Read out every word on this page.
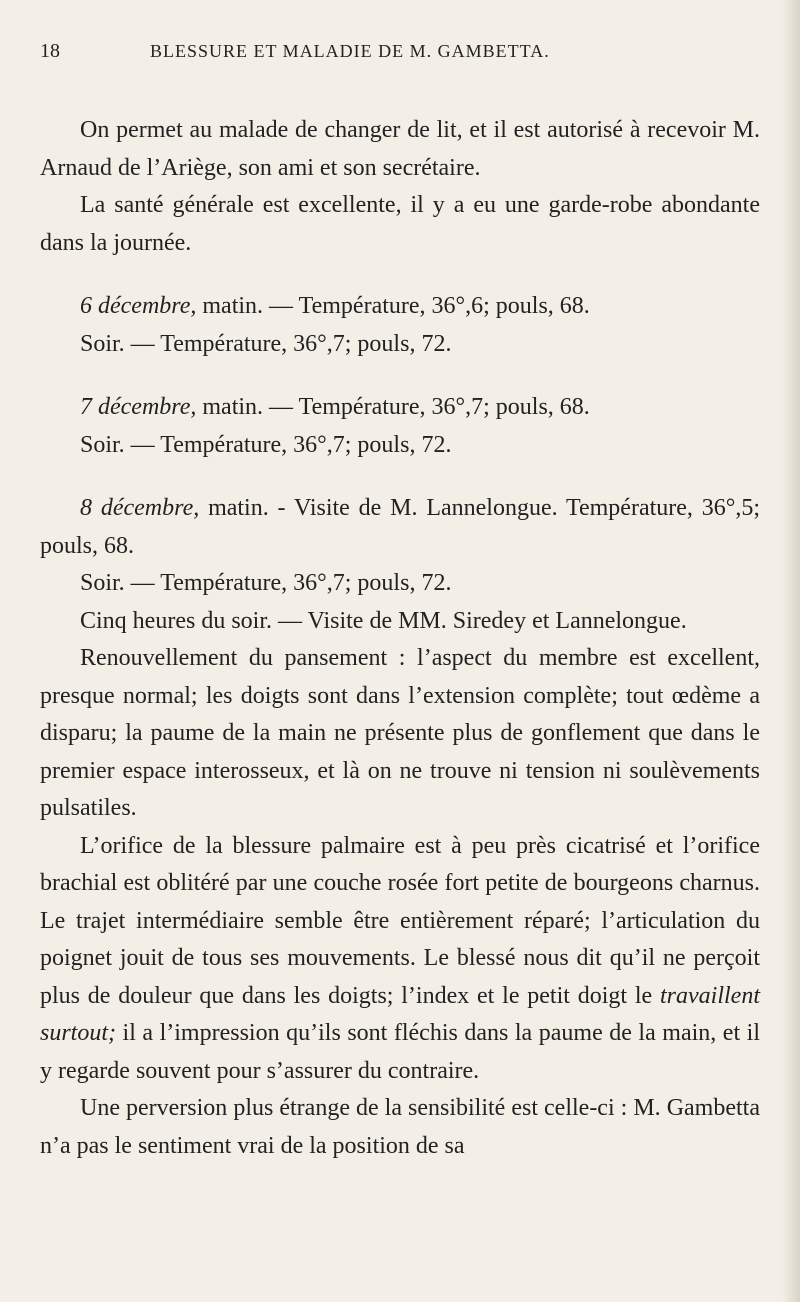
18	BLESSURE ET MALADIE DE M. GAMBETTA.

On permet au malade de changer de lit, et il est autorisé à recevoir M. Arnaud de l’Ariège, son ami et son secrétaire.

La santé générale est excellente, il y a eu une garde-robe abondante dans la journée.

6 décembre, matin. — Température, 36°,6; pouls, 68.

Soir. — Température, 36°,7; pouls, 72.

7 décembre, matin. — Température, 36°,7; pouls, 68.

Soir. — Température, 36°,7; pouls, 72.

8 décembre, matin. - Visite de M. Lannelongue. Température, 36°,5; pouls, 68.

Soir. — Température, 36°,7; pouls, 72.

Cinq heures du soir. — Visite de MM. Siredey et Lannelongue.

Renouvellement du pansement : l’aspect du membre est excellent, presque normal; les doigts sont dans l’extension complète; tout œdème a disparu; la paume de la main ne présente plus de gonflement que dans le premier espace interosseux, et là on ne trouve ni tension ni soulèvements pulsatiles.

L’orifice de la blessure palmaire est à peu près cicatrisé et l’orifice brachial est oblitéré par une couche rosée fort petite de bourgeons charnus. Le trajet intermédiaire semble être entièrement réparé; l’articulation du poignet jouit de tous ses mouvements. Le blessé nous dit qu’il ne perçoit plus de douleur que dans les doigts; l’index et le petit doigt le travaillent surtout; il a l’impression qu’ils sont fléchis dans la paume de la main, et il y regarde souvent pour s’assurer du contraire.

Une perversion plus étrange de la sensibilité est celle-ci : M. Gambetta n’a pas le sentiment vrai de la position de sa
